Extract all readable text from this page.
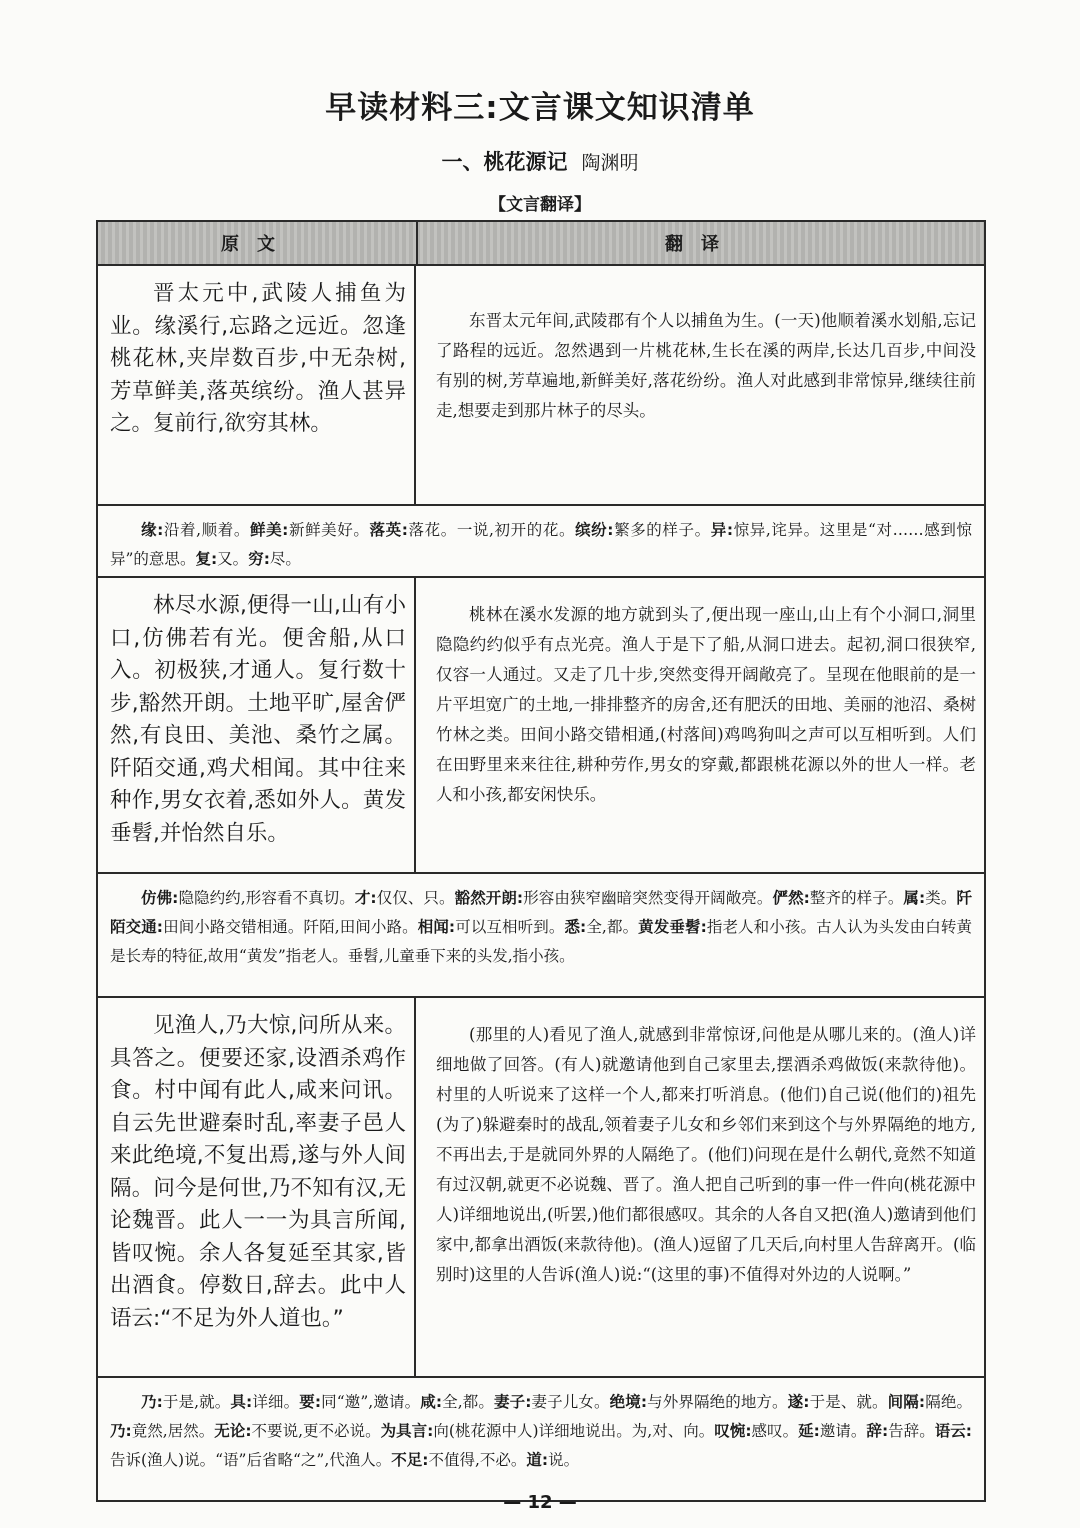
早读材料三:文言课文知识清单
一、桃花源记 陶渊明
【文言翻译】
原文	翻译
晋太元中,武陵人捕鱼为业。缘溪行,忘路之远近。忽逢桃花林,夹岸数百步,中无杂树,芳草鲜美,落英缤纷。渔人甚异之。复前行,欲穷其林。
东晋太元年间,武陵郡有个人以捕鱼为生。(一天)他顺着溪水划船,忘记了路程的远近。忽然遇到一片桃花林,生长在溪的两岸,长达几百步,中间没有别的树,芳草遍地,新鲜美好,落花纷纷。渔人对此感到非常惊异,继续往前走,想要走到那片林子的尽头。
缘:沿着,顺着。鲜美:新鲜美好。落英:落花。一说,初开的花。缤纷:繁多的样子。异:惊异,诧异。这里是“对……感到惊异”的意思。复:又。穷:尽。
林尽水源,便得一山,山有小口,仿佛若有光。便舍船,从口入。初极狭,才通人。复行数十步,豁然开朗。土地平旷,屋舍俨然,有良田、美池、桑竹之属。阡陌交通,鸡犬相闻。其中往来种作,男女衣着,悉如外人。黄发垂髫,并怡然自乐。
桃林在溪水发源的地方就到头了,便出现一座山,山上有个小洞口,洞里隐隐约约似乎有点光亮。渔人于是下了船,从洞口进去。起初,洞口很狭窄,仅容一人通过。又走了几十步,突然变得开阔敞亮了。呈现在他眼前的是一片平坦宽广的土地,一排排整齐的房舍,还有肥沃的田地、美丽的池沼、桑树竹林之类。田间小路交错相通,(村落间)鸡鸣狗叫之声可以互相听到。人们在田野里来来往往,耕种劳作,男女的穿戴,都跟桃花源以外的世人一样。老人和小孩,都安闲快乐。
仿佛:隐隐约约,形容看不真切。才:仅仅、只。豁然开朗:形容由狭窄幽暗突然变得开阔敞亮。俨然:整齐的样子。属:类。阡陌交通:田间小路交错相通。阡陌,田间小路。相闻:可以互相听到。悉:全,都。黄发垂髫:指老人和小孩。古人认为头发由白转黄是长寿的特征,故用“黄发”指老人。垂髫,儿童垂下来的头发,指小孩。
见渔人,乃大惊,问所从来。具答之。便要还家,设酒杀鸡作食。村中闻有此人,咸来问讯。自云先世避秦时乱,率妻子邑人来此绝境,不复出焉,遂与外人间隔。问今是何世,乃不知有汉,无论魏晋。此人一一为具言所闻,皆叹惋。余人各复延至其家,皆出酒食。停数日,辞去。此中人语云:“不足为外人道也。”
(那里的人)看见了渔人,就感到非常惊讶,问他是从哪儿来的。(渔人)详细地做了回答。(有人)就邀请他到自己家里去,摆酒杀鸡做饭(来款待他)。村里的人听说来了这样一个人,都来打听消息。(他们)自己说(他们的)祖先(为了)躲避秦时的战乱,领着妻子儿女和乡邻们来到这个与外界隔绝的地方,不再出去,于是就同外界的人隔绝了。(他们)问现在是什么朝代,竟然不知道有过汉朝,就更不必说魏、晋了。渔人把自己听到的事一件一件向(桃花源中人)详细地说出,(听罢,)他们都很感叹。其余的人各自又把(渔人)邀请到他们家中,都拿出酒饭(来款待他)。(渔人)逗留了几天后,向村里人告辞离开。(临别时)这里的人告诉(渔人)说:“(这里的事)不值得对外边的人说啊。”
乃:于是,就。具:详细。要:同“邀”,邀请。咸:全,都。妻子:妻子儿女。绝境:与外界隔绝的地方。遂:于是、就。间隔:隔绝。乃:竟然,居然。无论:不要说,更不必说。为具言:向(桃花源中人)详细地说出。为,对、向。叹惋:感叹。延:邀请。辞:告辞。语云:告诉(渔人)说。“语”后省略“之”,代渔人。不足:不值得,不必。道:说。
— 12 —
